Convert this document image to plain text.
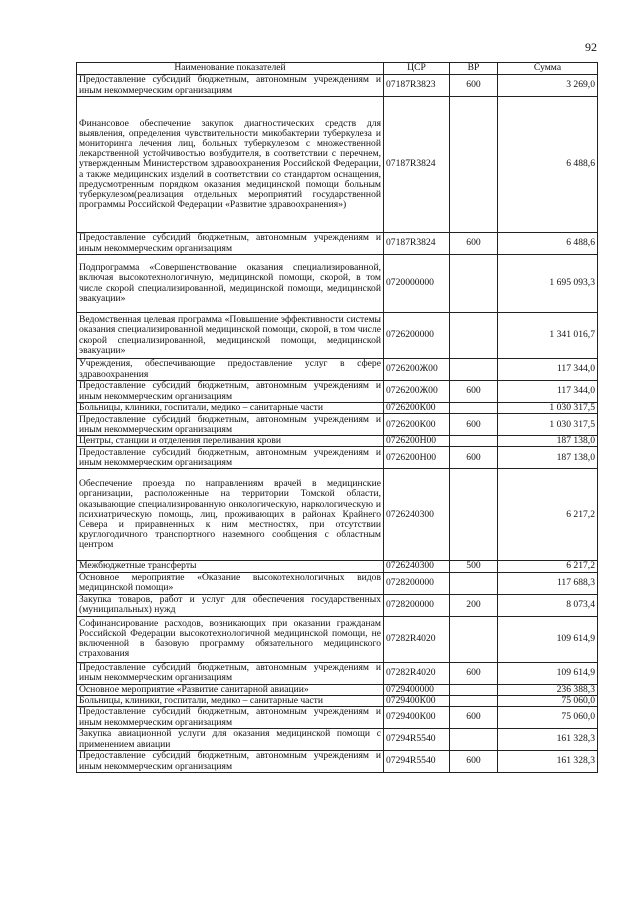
92
Наименование показателей	ЦСР	ВР	Сумма
Предоставление субсидий бюджетным, автономным учреждениям и иным некоммерческим организациям	07187R3823	600	3 269,0
Финансовое обеспечение закупок диагностических средств для выявления, определения чувствительности микобактерии туберкулеза и мониторинга лечения лиц, больных туберкулезом с множественной лекарственной устойчивостью возбудителя, в соответствии с перечнем, утвержденным Министерством здравоохранения Российской Федерации, а также медицинских изделий в соответствии со стандартом оснащения, предусмотренным порядком оказания медицинской помощи больным туберкулезом(реализация отдельных мероприятий государственной программы Российской Федерации «Развитие здравоохранения»)	07187R3824		6 488,6
Предоставление субсидий бюджетным, автономным учреждениям и иным некоммерческим организациям	07187R3824	600	6 488,6
Подпрограмма «Совершенствование оказания специализированной, включая высокотехнологичную, медицинской помощи, скорой, в том числе скорой специализированной, медицинской помощи, медицинской эвакуации»	0720000000		1 695 093,3
Ведомственная целевая программа «Повышение эффективности системы оказания специализированной медицинской помощи, скорой, в том числе скорой специализированной, медицинской помощи, медицинской эвакуации»	0726200000		1 341 016,7
Учреждения, обеспечивающие предоставление услуг в сфере здравоохранения	0726200Ж00		117 344,0
Предоставление субсидий бюджетным, автономным учреждениям и иным некоммерческим организациям	0726200Ж00	600	117 344,0
Больницы, клиники, госпитали, медико – санитарные части	0726200К00		1 030 317,5
Предоставление субсидий бюджетным, автономным учреждениям и иным некоммерческим организациям	0726200К00	600	1 030 317,5
Центры, станции и отделения переливания крови	0726200Н00		187 138,0
Предоставление субсидий бюджетным, автономным учреждениям и иным некоммерческим организациям	0726200Н00	600	187 138,0
Обеспечение проезда по направлениям врачей в медицинские организации, расположенные на территории Томской области, оказывающие специализированную онкологическую, наркологическую и психиатрическую помощь, лиц, проживающих в районах Крайнего Севера и приравненных к ним местностях, при отсутствии круглогодичного транспортного наземного сообщения с областным центром	0726240300		6 217,2
Межбюджетные трансферты	0726240300	500	6 217,2
Основное мероприятие «Оказание высокотехнологичных видов медицинской помощи»	0728200000		117 688,3
Закупка товаров, работ и услуг для обеспечения государственных (муниципальных) нужд	0728200000	200	8 073,4
Софинансирование расходов, возникающих при оказании гражданам Российской Федерации высокотехнологичной медицинской помощи, не включенной в базовую программу обязательного медицинского страхования	07282R4020		109 614,9
Предоставление субсидий бюджетным, автономным учреждениям и иным некоммерческим организациям	07282R4020	600	109 614,9
Основное мероприятие «Развитие санитарной авиации»	0729400000		236 388,3
Больницы, клиники, госпитали, медико – санитарные части	0729400К00		75 060,0
Предоставление субсидий бюджетным, автономным учреждениям и иным некоммерческим организациям	0729400К00	600	75 060,0
Закупка авиационной услуги для оказания медицинской помощи с применением авиации	07294R5540		161 328,3
Предоставление субсидий бюджетным, автономным учреждениям и иным некоммерческим организациям	07294R5540	600	161 328,3
